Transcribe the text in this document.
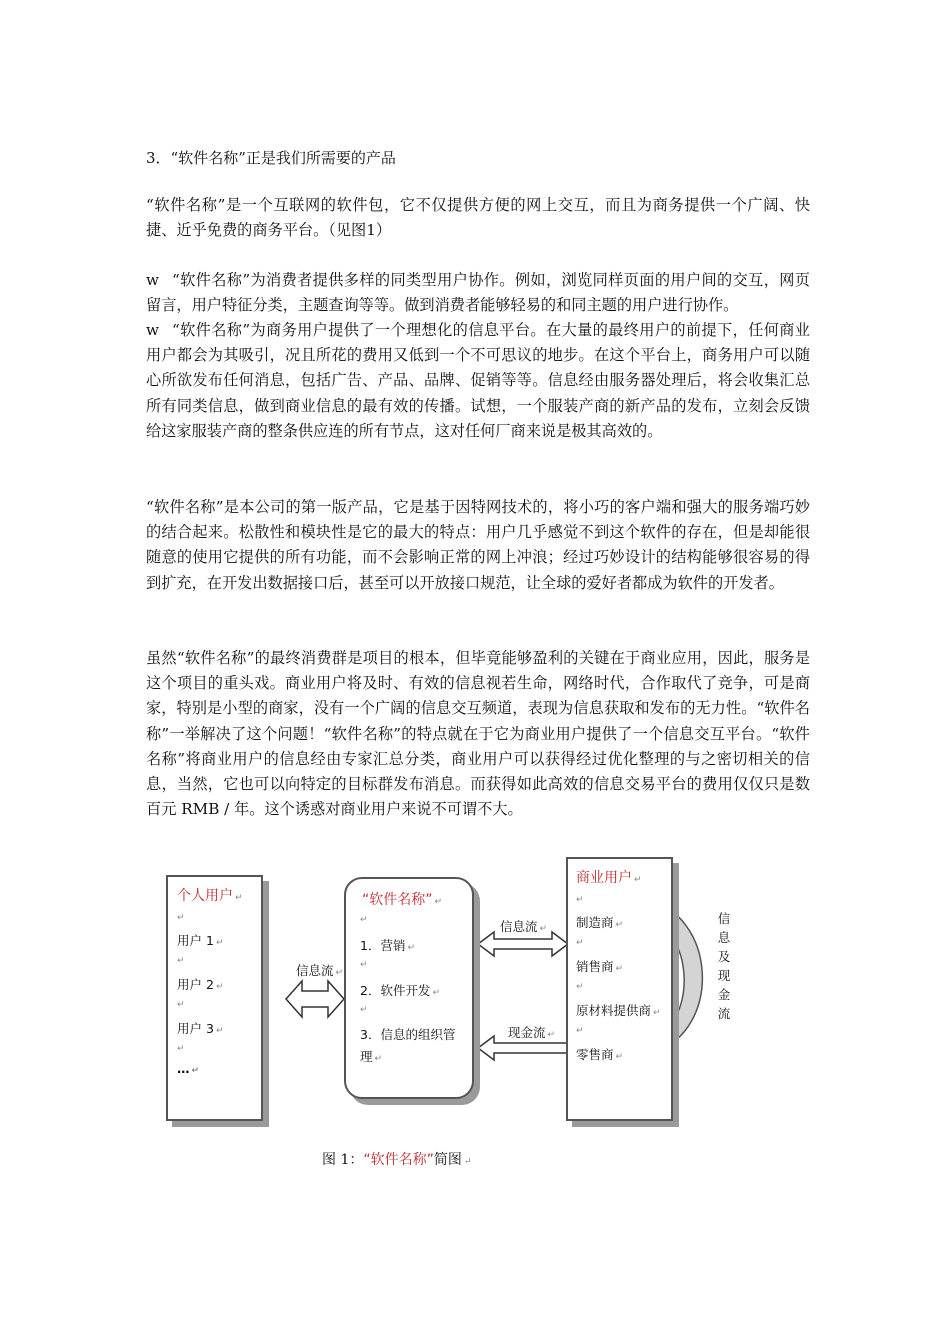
3．“软件名称”正是我们所需要的产品

“软件名称”是一个互联网的软件包，它不仅提供方便的网上交互，而且为商务提供一个广阔、快捷、近乎免费的商务平台。（见图1）

w “软件名称”为消费者提供多样的同类型用户协作。例如，浏览同样页面的用户间的交互，网页留言，用户特征分类，主题查询等等。做到消费者能够轻易的和同主题的用户进行协作。

w “软件名称”为商务用户提供了一个理想化的信息平台。在大量的最终用户的前提下，任何商业用户都会为其吸引，况且所花的费用又低到一个不可思议的地步。在这个平台上，商务用户可以随心所欲发布任何消息，包括广告、产品、品牌、促销等等。信息经由服务器处理后，将会收集汇总所有同类信息，做到商业信息的最有效的传播。试想，一个服装产商的新产品的发布，立刻会反馈给这家服装产商的整条供应连的所有节点，这对任何厂商来说是极其高效的。

“软件名称”是本公司的第一版产品，它是基于因特网技术的，将小巧的客户端和强大的服务端巧妙的结合起来。松散性和模块性是它的最大的特点：用户几乎感觉不到这个软件的存在，但是却能很随意的使用它提供的所有功能，而不会影响正常的网上冲浪；经过巧妙设计的结构能够很容易的得到扩充，在开发出数据接口后，甚至可以开放接口规范，让全球的爱好者都成为软件的开发者。

虽然“软件名称”的最终消费群是项目的根本，但毕竟能够盈利的关键在于商业应用，因此，服务是这个项目的重头戏。商业用户将及时、有效的信息视若生命，网络时代，合作取代了竞争，可是商家，特别是小型的商家，没有一个广阔的信息交互频道，表现为信息获取和发布的无力性。“软件名称”一举解决了这个问题！“软件名称”的特点就在于它为商业用户提供了一个信息交互平台。“软件名称”将商业用户的信息经由专家汇总分类，商业用户可以获得经过优化整理的与之密切相关的信息，当然，它也可以向特定的目标群发布消息。而获得如此高效的信息交易平台的费用仅仅只是数百元 RMB / 年。这个诱惑对商业用户来说不可谓不大。

个人用户 ↵
↵
用户 1 ↵
↵
用户 2 ↵
↵
用户 3 ↵
↵
… ↵
“软件名称” ↵
↵
1．营销 ↵
↵
2．软件开发 ↵
↵
3．信息的组织管
理 ↵
商业用户 ↵
↵
制造商 ↵
↵
销售商 ↵
↵
原材料提供商 ↵
↵
零售商 ↵
信息流 ↵
信息流 ↵
现金流 ↵
信
息
及
现
金
流
图 1：“软件名称”简图 ↵
